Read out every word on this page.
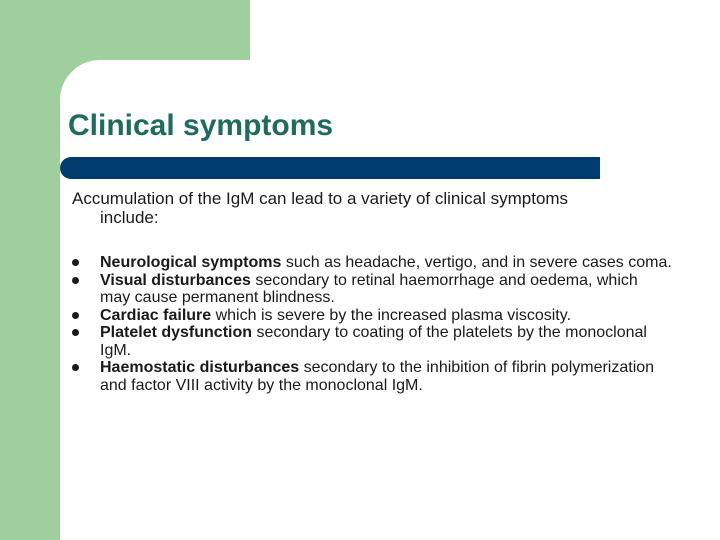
Clinical symptoms

Accumulation of the IgM can lead to a variety of clinical symptoms
include:

Neurological symptoms such as headache, vertigo, and in severe cases coma.
Visual disturbances secondary to retinal haemorrhage and oedema, which may cause permanent blindness.
Cardiac failure which is severe by the increased plasma viscosity.
Platelet dysfunction secondary to coating of the platelets by the monoclonal IgM.
Haemostatic disturbances secondary to the inhibition of fibrin polymerization and factor VIII activity by the monoclonal IgM.
